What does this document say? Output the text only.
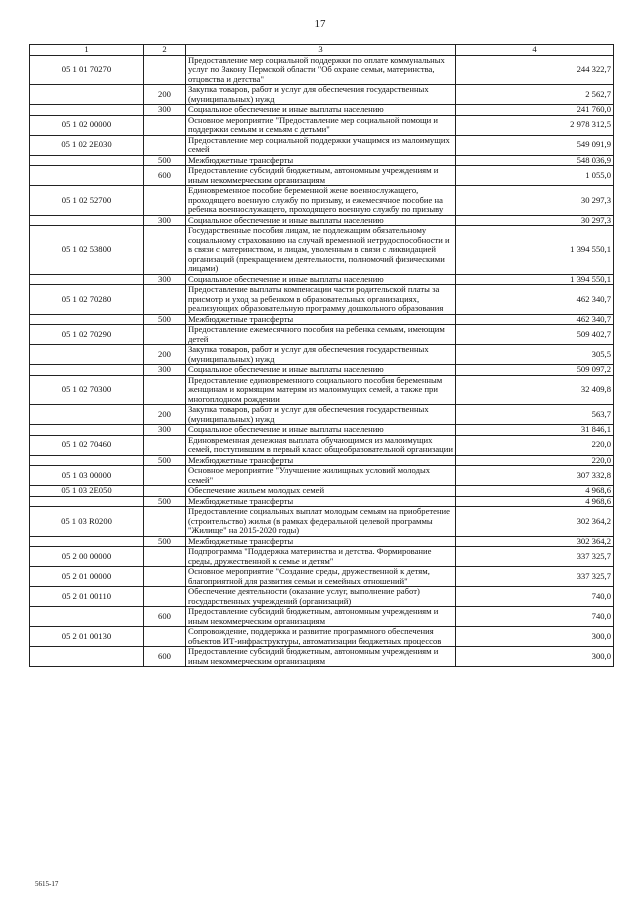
17
1	2	3	4
05 1 01 70270		Предоставление мер социальной поддержки по оплате коммунальных услуг по Закону Пермской области "Об охране семьи, материнства, отцовства и детства"	244 322,7
	200	Закупка товаров, работ и услуг для обеспечения государственных (муниципальных) нужд	2 562,7
	300	Социальное обеспечение и иные выплаты населению	241 760,0
05 1 02 00000		Основное мероприятие "Предоставление мер социальной помощи и поддержки семьям и семьям с детьми"	2 978 312,5
05 1 02 2Е030		Предоставление мер социальной поддержки учащимся из малоимущих семей	549 091,9
	500	Межбюджетные трансферты	548 036,9
	600	Предоставление субсидий бюджетным, автономным учреждениям и иным некоммерческим организациям	1 055,0
05 1 02 52700		Единовременное пособие беременной жене военнослужащего, проходящего военную службу по призыву, и ежемесячное пособие на ребенка военнослужащего, проходящего военную службу по призыву	30 297,3
	300	Социальное обеспечение и иные выплаты населению	30 297,3
05 1 02 53800		Государственные пособия лицам, не подлежащим обязательному социальному страхованию на случай временной нетрудоспособности и в связи с материнством, и лицам, уволенным в связи с ликвидацией организаций (прекращением деятельности, полномочий физическими лицами)	1 394 550,1
	300	Социальное обеспечение и иные выплаты населению	1 394 550,1
05 1 02 70280		Предоставление выплаты компенсации части родительской платы за присмотр и уход за ребенком в образовательных организациях, реализующих образовательную программу дошкольного образования	462 340,7
	500	Межбюджетные трансферты	462 340,7
05 1 02 70290		Предоставление ежемесячного пособия на ребенка семьям, имеющим детей	509 402,7
	200	Закупка товаров, работ и услуг для обеспечения государственных (муниципальных) нужд	305,5
	300	Социальное обеспечение и иные выплаты населению	509 097,2
05 1 02 70300		Предоставление единовременного социального пособия беременным женщинам и кормящим матерям из малоимущих семей, а также при многоплодном рождении	32 409,8
	200	Закупка товаров, работ и услуг для обеспечения государственных (муниципальных) нужд	563,7
	300	Социальное обеспечение и иные выплаты населению	31 846,1
05 1 02 70460		Единовременная денежная выплата обучающимся из малоимущих семей, поступившим в первый класс общеобразовательной организации	220,0
	500	Межбюджетные трансферты	220,0
05 1 03 00000		Основное мероприятие "Улучшение жилищных условий молодых семей"	307 332,8
05 1 03 2Е050		Обеспечение жильем молодых семей	4 968,6
	500	Межбюджетные трансферты	4 968,6
05 1 03 R0200		Предоставление социальных выплат молодым семьям на приобретение (строительство) жилья (в рамках федеральной целевой программы "Жилище" на 2015-2020 годы)	302 364,2
	500	Межбюджетные трансферты	302 364,2
05 2 00 00000		Подпрограмма "Поддержка материнства и детства. Формирование среды, дружественной к семье и детям"	337 325,7
05 2 01 00000		Основное мероприятие "Создание среды, дружественной к детям, благоприятной для развития семьи и семейных отношений"	337 325,7
05 2 01 00110		Обеспечение деятельности (оказание услуг, выполнение работ) государственных учреждений (организаций)	740,0
	600	Предоставление субсидий бюджетным, автономным учреждениям и иным некоммерческим организациям	740,0
05 2 01 00130		Сопровождение, поддержка и развитие программного обеспечения объектов ИТ-инфраструктуры, автоматизации бюджетных процессов	300,0
	600	Предоставление субсидий бюджетным, автономным учреждениям и иным некоммерческим организациям	300,0
5615-17
